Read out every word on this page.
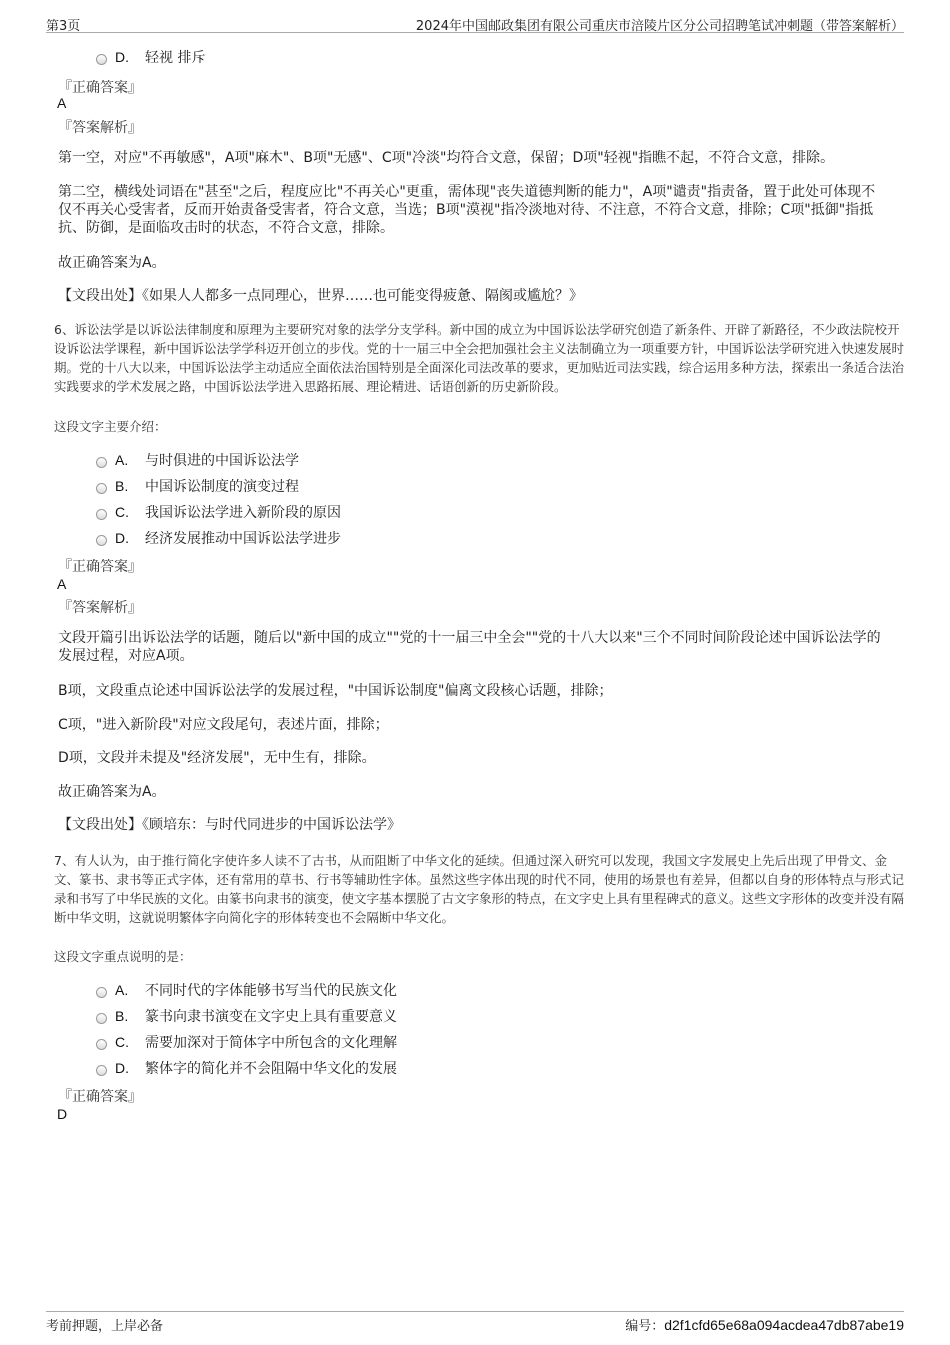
第3页	2024年中国邮政集团有限公司重庆市涪陵片区分公司招聘笔试冲刺题（带答案解析）
D.	轻视 排斥
『正确答案』
A
『答案解析』
第一空，对应"不再敏感"，A项"麻木"、B项"无感"、C项"冷淡"均符合文意，保留；D项"轻视"指瞧不起，不符合文意，排除。
第二空，横线处词语在"甚至"之后，程度应比"不再关心"更重，需体现"丧失道德判断的能力"，A项"谴责"指责备，置于此处可体现不仅不再关心受害者，反而开始责备受害者，符合文意，当选；B项"漠视"指冷淡地对待、不注意，不符合文意，排除；C项"抵御"指抵抗、防御，是面临攻击时的状态，不符合文意，排除。
故正确答案为A。
【文段出处】《如果人人都多一点同理心，世界……也可能变得疲惫、隔阂或尴尬？》
6、诉讼法学是以诉讼法律制度和原理为主要研究对象的法学分支学科。新中国的成立为中国诉讼法学研究创造了新条件、开辟了新路径，不少政法院校开设诉讼法学课程，新中国诉讼法学学科迈开创立的步伐。党的十一届三中全会把加强社会主义法制确立为一项重要方针，中国诉讼法学研究进入快速发展时期。党的十八大以来，中国诉讼法学主动适应全面依法治国特别是全面深化司法改革的要求，更加贴近司法实践，综合运用多种方法，探索出一条适合法治实践要求的学术发展之路，中国诉讼法学进入思路拓展、理论精进、话语创新的历史新阶段。
这段文字主要介绍：
A.	与时俱进的中国诉讼法学
B.	中国诉讼制度的演变过程
C.	我国诉讼法学进入新阶段的原因
D.	经济发展推动中国诉讼法学进步
『正确答案』
A
『答案解析』
文段开篇引出诉讼法学的话题，随后以"新中国的成立""党的十一届三中全会""党的十八大以来"三个不同时间阶段论述中国诉讼法学的发展过程，对应A项。
B项，文段重点论述中国诉讼法学的发展过程，"中国诉讼制度"偏离文段核心话题，排除；
C项，"进入新阶段"对应文段尾句，表述片面，排除；
D项，文段并未提及"经济发展"，无中生有，排除。
故正确答案为A。
【文段出处】《顾培东：与时代同进步的中国诉讼法学》
7、有人认为，由于推行简化字使许多人读不了古书，从而阻断了中华文化的延续。但通过深入研究可以发现，我国文字发展史上先后出现了甲骨文、金文、篆书、隶书等正式字体，还有常用的草书、行书等辅助性字体。虽然这些字体出现的时代不同，使用的场景也有差异，但都以自身的形体特点与形式记录和书写了中华民族的文化。由篆书向隶书的演变，使文字基本摆脱了古文字象形的特点，在文字史上具有里程碑式的意义。这些文字形体的改变并没有隔断中华文明，这就说明繁体字向简化字的形体转变也不会隔断中华文化。
这段文字重点说明的是：
A.	不同时代的字体能够书写当代的民族文化
B.	篆书向隶书演变在文字史上具有重要意义
C.	需要加深对于简体字中所包含的文化理解
D.	繁体字的简化并不会阻隔中华文化的发展
『正确答案』
D
考前押题，上岸必备	编号：d2f1cfd65e68a094acdea47db87abe19
